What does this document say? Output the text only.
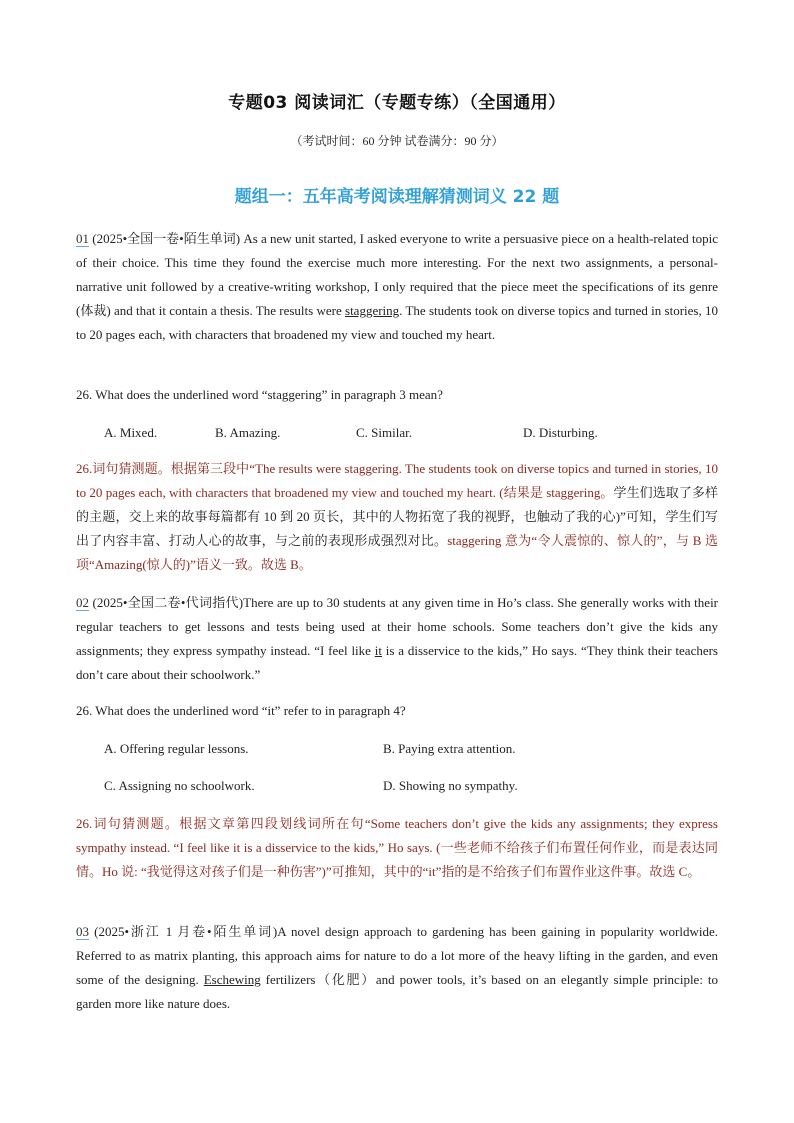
专题03 阅读词汇（专题专练）（全国通用）
（考试时间：60 分钟 试卷满分：90 分）
题组一：五年高考阅读理解猜测词义 22 题
01 (2025•全国一卷•陌生单词) As a new unit started, I asked everyone to write a persuasive piece on a health-related topic of their choice. This time they found the exercise much more interesting. For the next two assignments, a personal-narrative unit followed by a creative-writing workshop, I only required that the piece meet the specifications of its genre (体裁) and that it contain a thesis. The results were staggering. The students took on diverse topics and turned in stories, 10 to 20 pages each, with characters that broadened my view and touched my heart.
26. What does the underlined word “staggering” in paragraph 3 mean?
A. Mixed.	B. Amazing.	C. Similar.	D. Disturbing.
26.词句猜测题。根据第三段中“The results were staggering. The students took on diverse topics and turned in stories, 10 to 20 pages each, with characters that broadened my view and touched my heart. (结果是 staggering。学生们选取了多样的主题，交上来的故事每篇都有 10 到 20 页长，其中的人物拓宽了我的视野，也触动了我的心)”可知，学生们写出了内容丰富、打动人心的故事，与之前的表现形成强烈对比。staggering 意为“令人震惊的、惊人的”，与 B 选项“Amazing(惊人的)”语义一致。故选 B。
02 (2025•全国二卷•代词指代)There are up to 30 students at any given time in Ho’s class. She generally works with their regular teachers to get lessons and tests being used at their home schools. Some teachers don’t give the kids any assignments; they express sympathy instead. “I feel like it is a disservice to the kids,” Ho says. “They think their teachers don’t care about their schoolwork.”
26. What does the underlined word “it” refer to in paragraph 4?
A. Offering regular lessons.	B. Paying extra attention.
C. Assigning no schoolwork.	D. Showing no sympathy.
26.词句猜测题。根据文章第四段划线词所在句“Some teachers don’t give the kids any assignments; they express sympathy instead. “I feel like it is a disservice to the kids,” Ho says. (一些老师不给孩子们布置任何作业，而是表达同情。Ho 说: “我觉得这对孩子们是一种伤害”)”可推知，其中的“it”指的是不给孩子们布置作业这件事。故选 C。
03 (2025•浙江 1 月卷•陌生单词)A novel design approach to gardening has been gaining in popularity worldwide. Referred to as matrix planting, this approach aims for nature to do a lot more of the heavy lifting in the garden, and even some of the designing. Eschewing fertilizers（化肥）and power tools, it’s based on an elegantly simple principle: to garden more like nature does.
